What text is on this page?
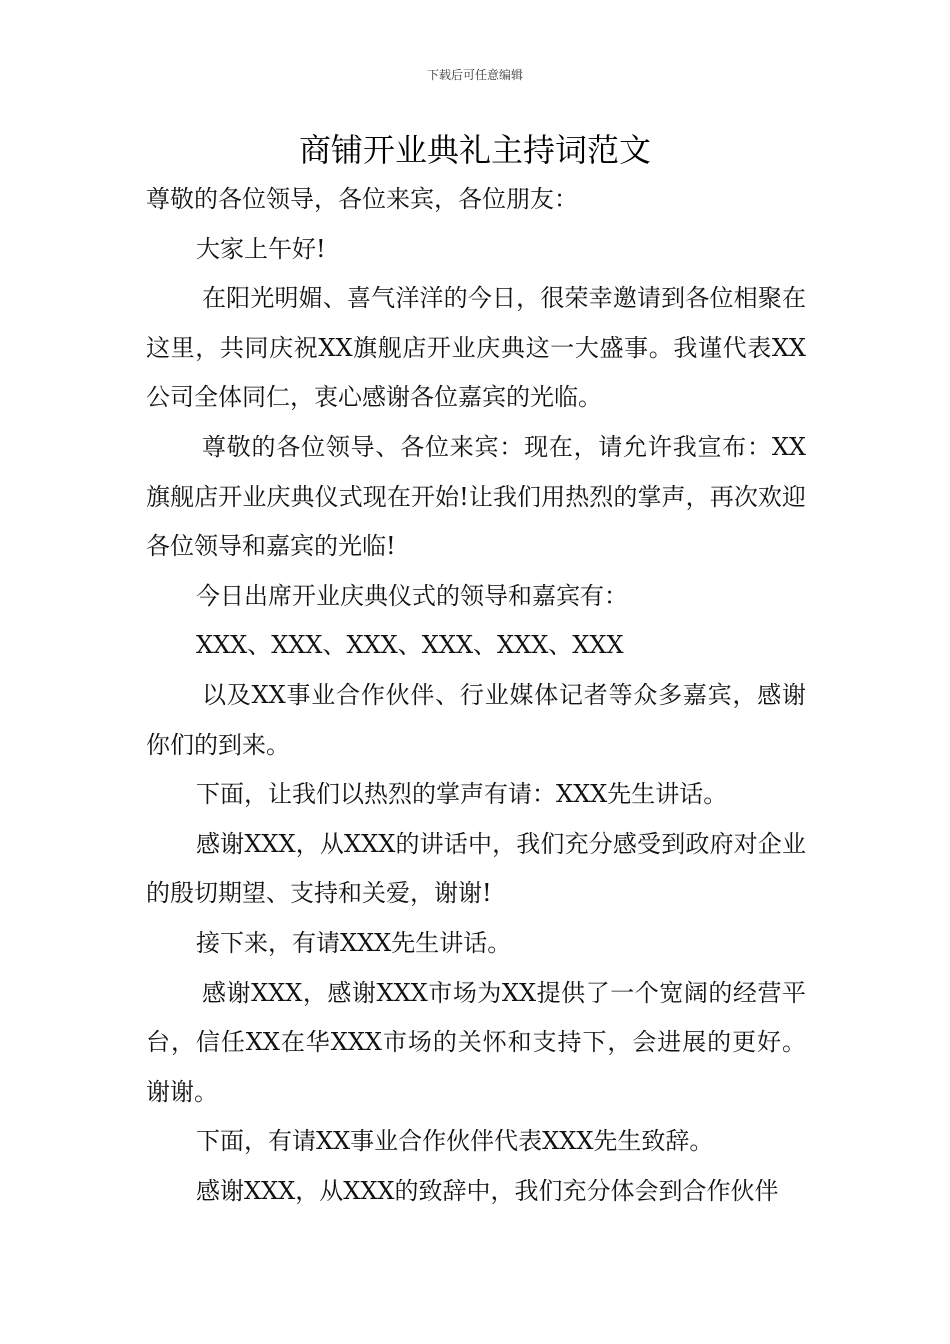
下载后可任意编辑
商铺开业典礼主持词范文

尊敬的各位领导，各位来宾，各位朋友：

大家上午好!

在阳光明媚、喜气洋洋的今日，很荣幸邀请到各位相聚在这里，共同庆祝XX旗舰店开业庆典这一大盛事。我谨代表XX公司全体同仁，衷心感谢各位嘉宾的光临。

尊敬的各位领导、各位来宾：现在，请允许我宣布：XX旗舰店开业庆典仪式现在开始!让我们用热烈的掌声，再次欢迎各位领导和嘉宾的光临!

今日出席开业庆典仪式的领导和嘉宾有：

XXX、XXX、XXX、XXX、XXX、XXX

以及XX事业合作伙伴、行业媒体记者等众多嘉宾，感谢你们的到来。

下面，让我们以热烈的掌声有请：XXX先生讲话。

感谢XXX，从XXX的讲话中，我们充分感受到政府对企业的殷切期望、支持和关爱，谢谢!

接下来，有请XXX先生讲话。

感谢XXX，感谢XXX市场为XX提供了一个宽阔的经营平台，信任XX在华XXX市场的关怀和支持下，会进展的更好。谢谢。

下面，有请XX事业合作伙伴代表XXX先生致辞。

感谢XXX，从XXX的致辞中，我们充分体会到合作伙伴
